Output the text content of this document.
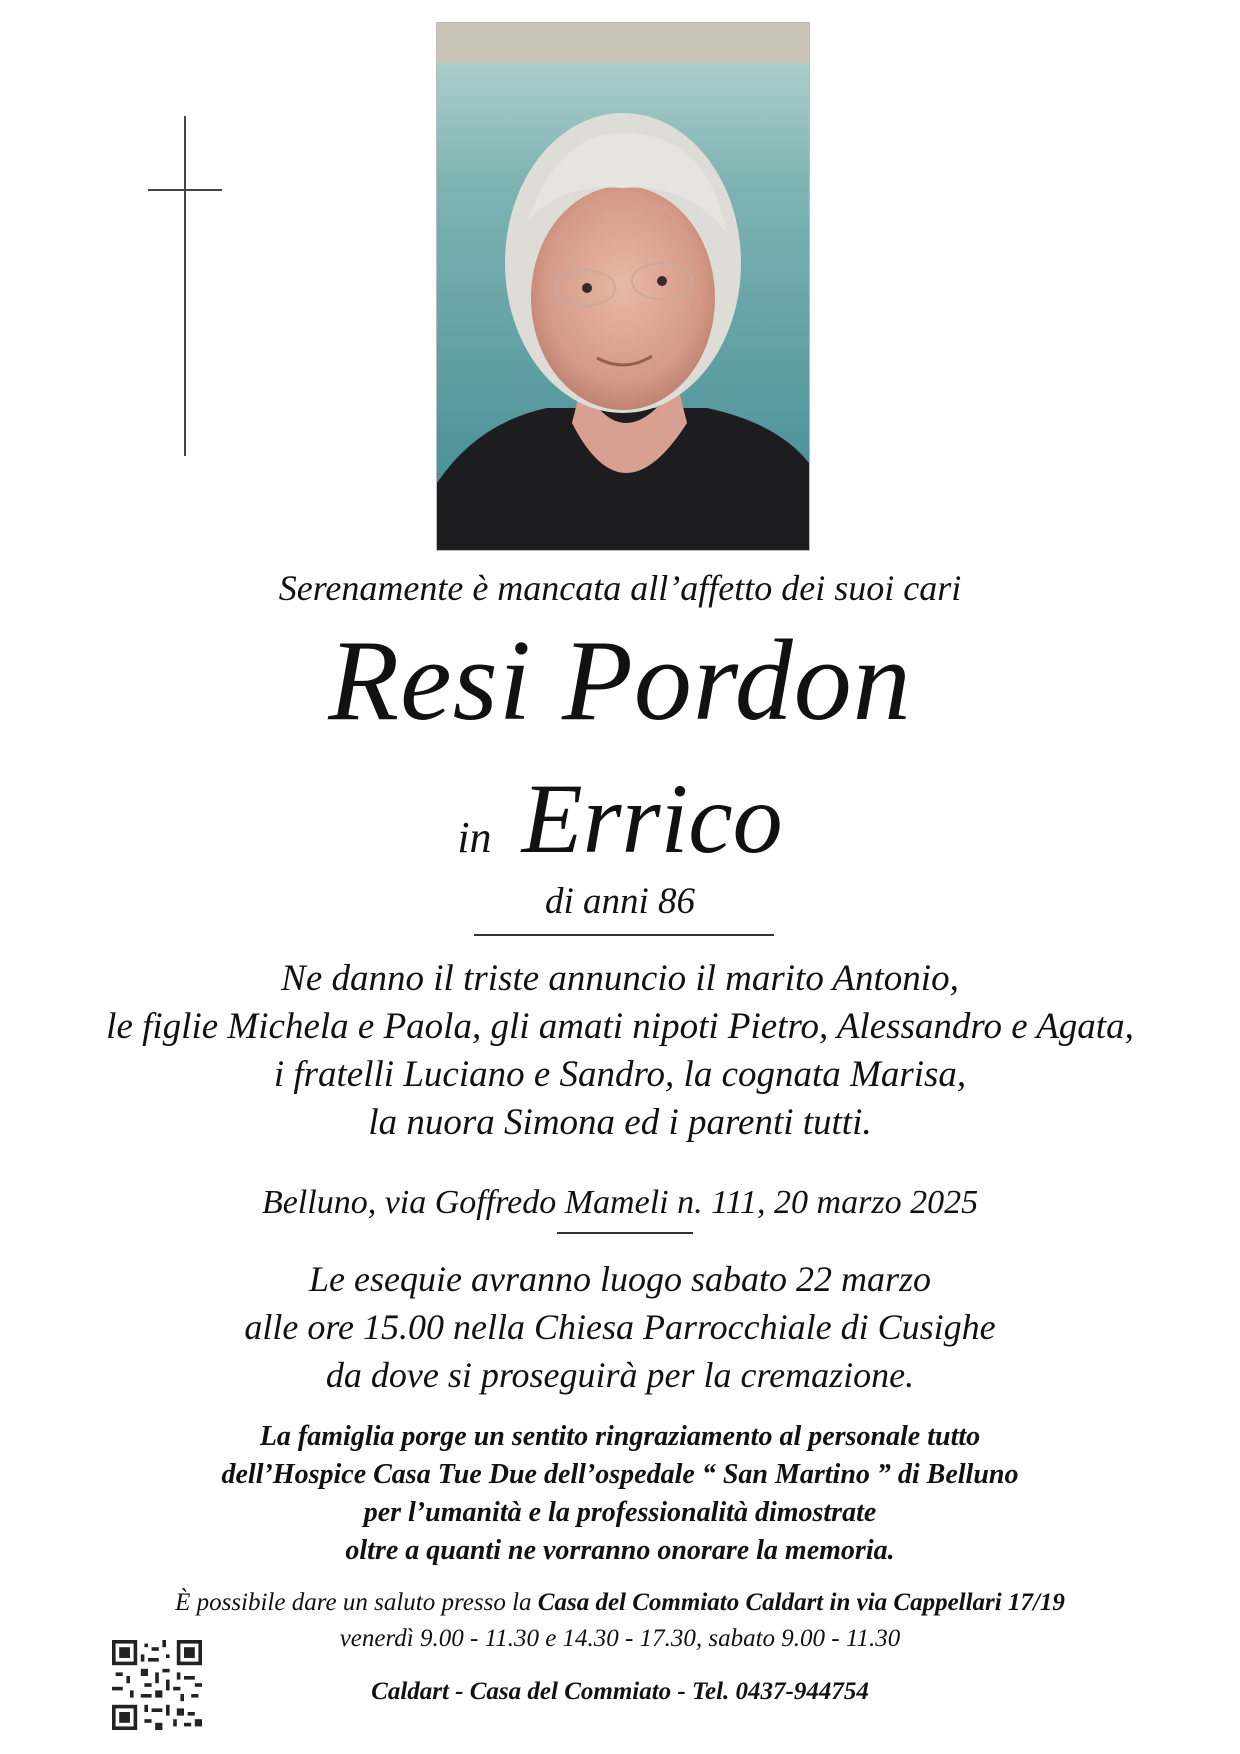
Serenamente è mancata all’affetto dei suoi cari
Resi Pordon
in Errico
di anni 86
Ne danno il triste annuncio il marito Antonio,
le figlie Michela e Paola, gli amati nipoti Pietro, Alessandro e Agata,
i fratelli Luciano e Sandro, la cognata Marisa,
la nuora Simona ed i parenti tutti.
Belluno, via Goffredo Mameli n. 111, 20 marzo 2025
Le esequie avranno luogo sabato 22 marzo
alle ore 15.00 nella Chiesa Parrocchiale di Cusighe
da dove si proseguirà per la cremazione.
La famiglia porge un sentito ringraziamento al personale tutto
dell’Hospice Casa Tue Due dell’ospedale “ San Martino ” di Belluno
per l’umanità e la professionalità dimostrate
oltre a quanti ne vorranno onorare la memoria.
È possibile dare un saluto presso la Casa del Commiato Caldart in via Cappellari 17/19
venerdì 9.00 - 11.30 e 14.30 - 17.30, sabato 9.00 - 11.30
Caldart - Casa del Commiato - Tel. 0437-944754
